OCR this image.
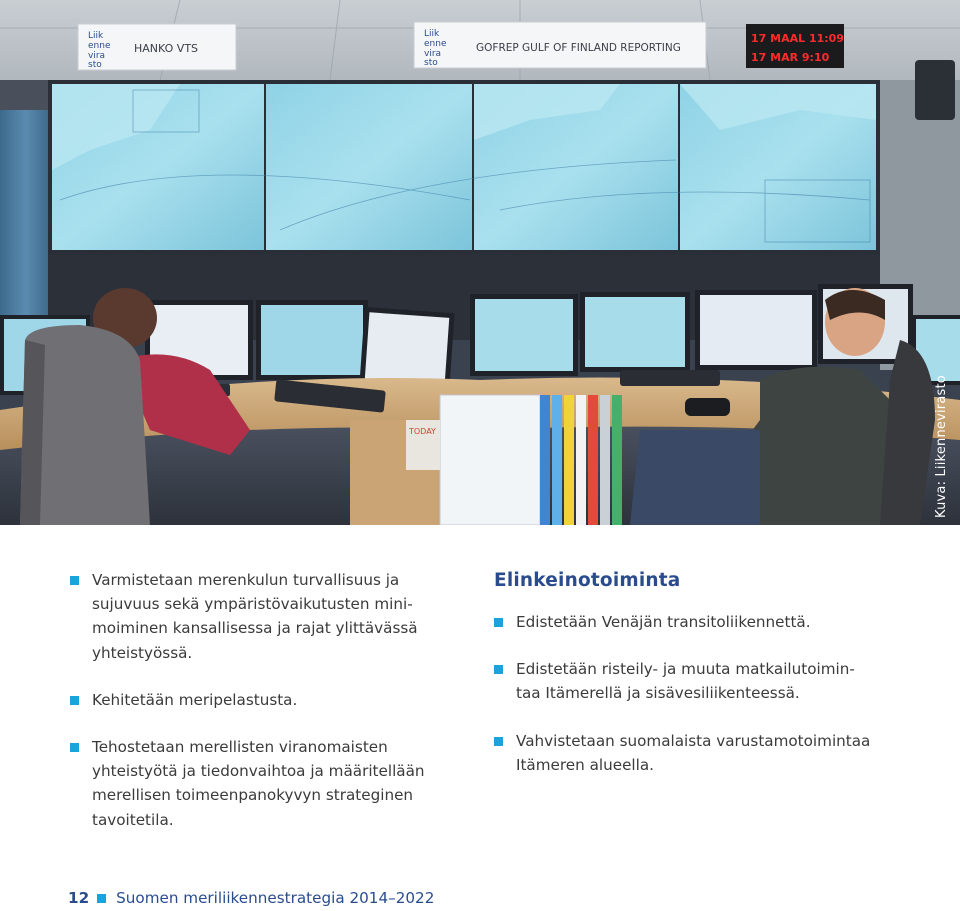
Liik
enne
vira
sto
HANKO VTS
Liik
enne
vira
sto
GOFREP GULF OF FINLAND REPORTING
17 MAAL 11:09
17 MAR 9:10
TODAY	Kuva: Liikennevirasto
Varmistetaan merenkulun turvallisuus ja
sujuvuus sekä ympäristövaikutusten mini-
moiminen kansallisessa ja rajat ylittävässä
yhteistyössä.
Kehitetään meripelastusta.
Tehostetaan merellisten viranomaisten
yhteistyötä ja tiedonvaihtoa ja määritellään
merellisen toimeenpanokyvyn strateginen
tavoitetila.
Elinkeinotoiminta
Edistetään Venäjän transitoliikennettä.
Edistetään risteily- ja muuta matkailutoimin-
taa Itämerellä ja sisävesiliikenteessä.
Vahvistetaan suomalaista varustamotoimintaa
Itämeren alueella.
12 Suomen meriliikennestrategia 2014–2022
